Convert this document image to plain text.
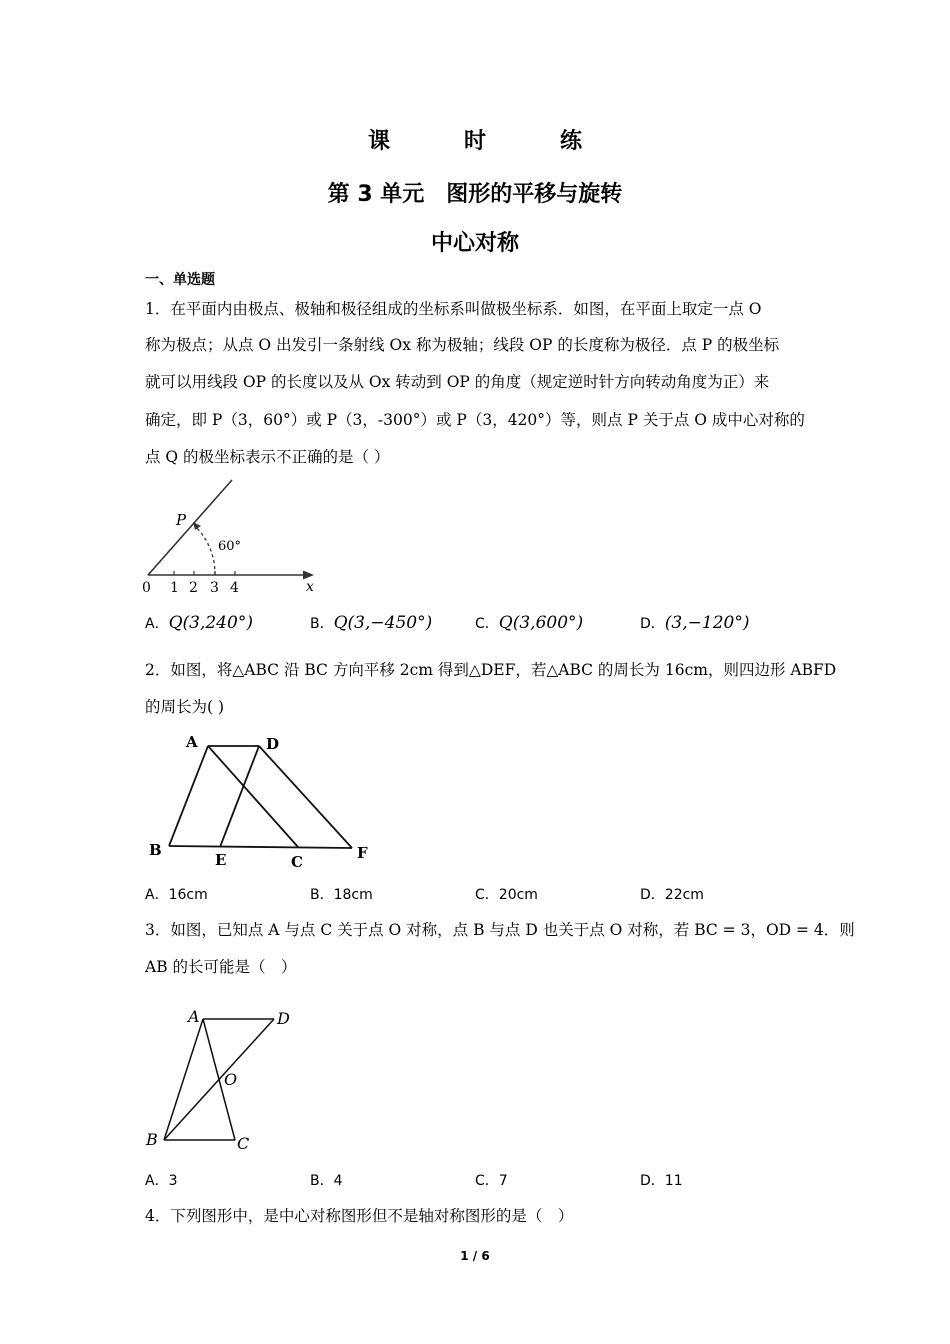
课　时　练
第 3 单元　图形的平移与旋转
中心对称
一、单选题
1．在平面内由极点、极轴和极径组成的坐标系叫做极坐标系．如图，在平面上取定一点 O
称为极点；从点 O 出发引一条射线 Ox 称为极轴；线段 OP 的长度称为极径．点 P 的极坐标
就可以用线段 OP 的长度以及从 Ox 转动到 OP 的角度（规定逆时针方向转动角度为正）来
确定，即 P（3，60°）或 P（3，-300°）或 P（3，420°）等，则点 P 关于点 O 成中心对称的
点 Q 的极坐标表示不正确的是（ ）
P
60°
x
0 1 2 3 4
A．Q(3,240°)	B．Q(3,−450°)	C．Q(3,600°)	D．(3,−120°)
2．如图，将△ABC 沿 BC 方向平移 2cm 得到△DEF，若△ABC 的周长为 16cm，则四边形 ABFD
的周长为( )
A	D
B
E	C	F
A．16cm	B．18cm	C．20cm	D．22cm
3．如图，已知点 A 与点 C 关于点 O 对称，点 B 与点 D 也关于点 O 对称，若 BC = 3，OD = 4．则
AB 的长可能是（　）
A	D
O
B	C
A．3	B．4	C．7	D．11
4．下列图形中，是中心对称图形但不是轴对称图形的是（　）
1 / 6
